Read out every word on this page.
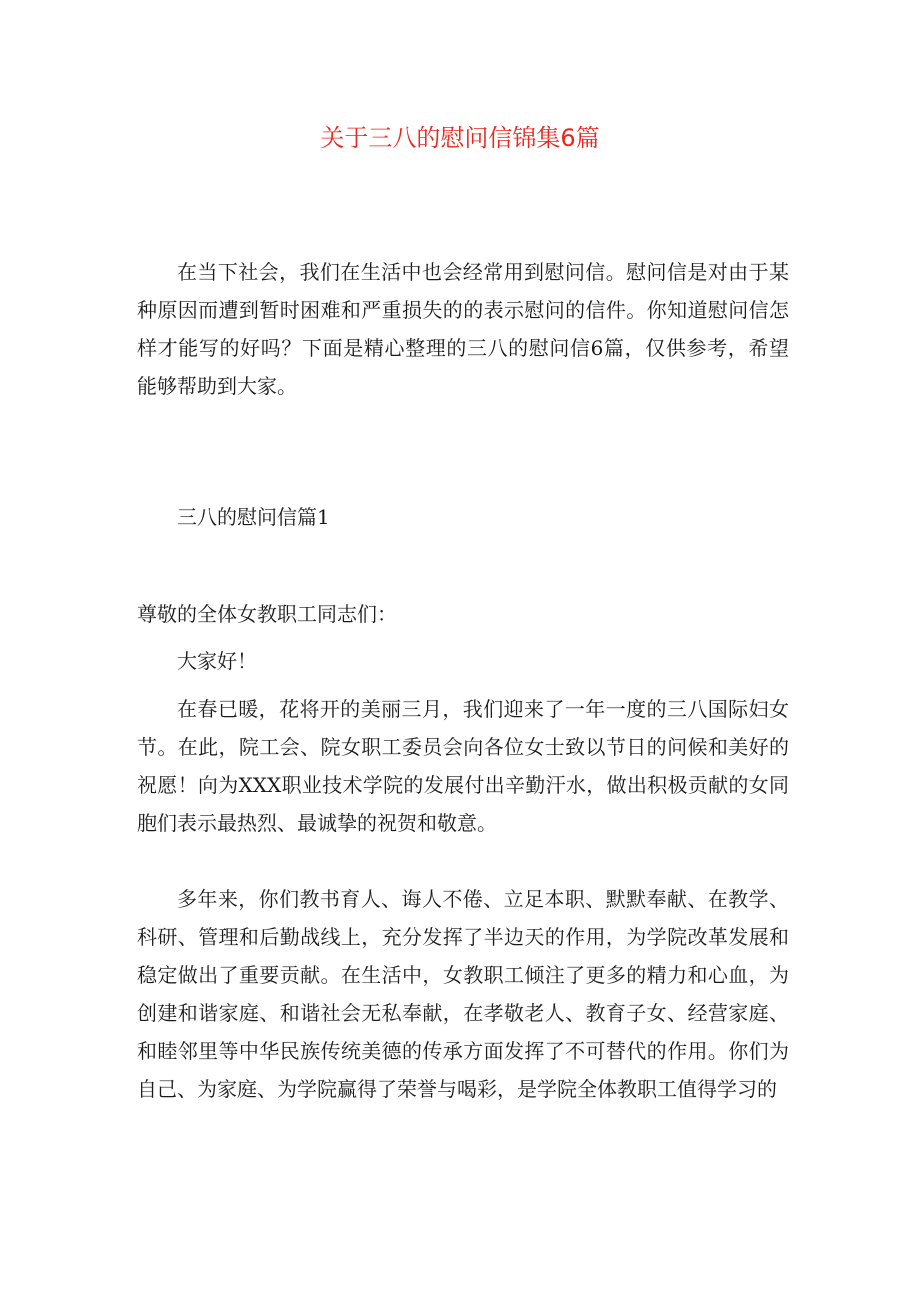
关于三八的慰问信锦集6篇

在当下社会，我们在生活中也会经常用到慰问信。慰问信是对由于某种原因而遭到暂时困难和严重损失的的表示慰问的信件。你知道慰问信怎样才能写的好吗？下面是精心整理的三八的慰问信6篇，仅供参考，希望能够帮助到大家。

三八的慰问信篇1

尊敬的全体女教职工同志们：

大家好！

在春已暖，花将开的美丽三月，我们迎来了一年一度的三八国际妇女节。在此，院工会、院女职工委员会向各位女士致以节日的问候和美好的祝愿！向为XXX职业技术学院的发展付出辛勤汗水，做出积极贡献的女同胞们表示最热烈、最诚挚的祝贺和敬意。

多年来，你们教书育人、诲人不倦、立足本职、默默奉献、在教学、科研、管理和后勤战线上，充分发挥了半边天的作用，为学院改革发展和稳定做出了重要贡献。在生活中，女教职工倾注了更多的精力和心血，为创建和谐家庭、和谐社会无私奉献，在孝敬老人、教育子女、经营家庭、和睦邻里等中华民族传统美德的传承方面发挥了不可替代的作用。你们为自己、为家庭、为学院赢得了荣誉与喝彩，是学院全体教职工值得学习的
